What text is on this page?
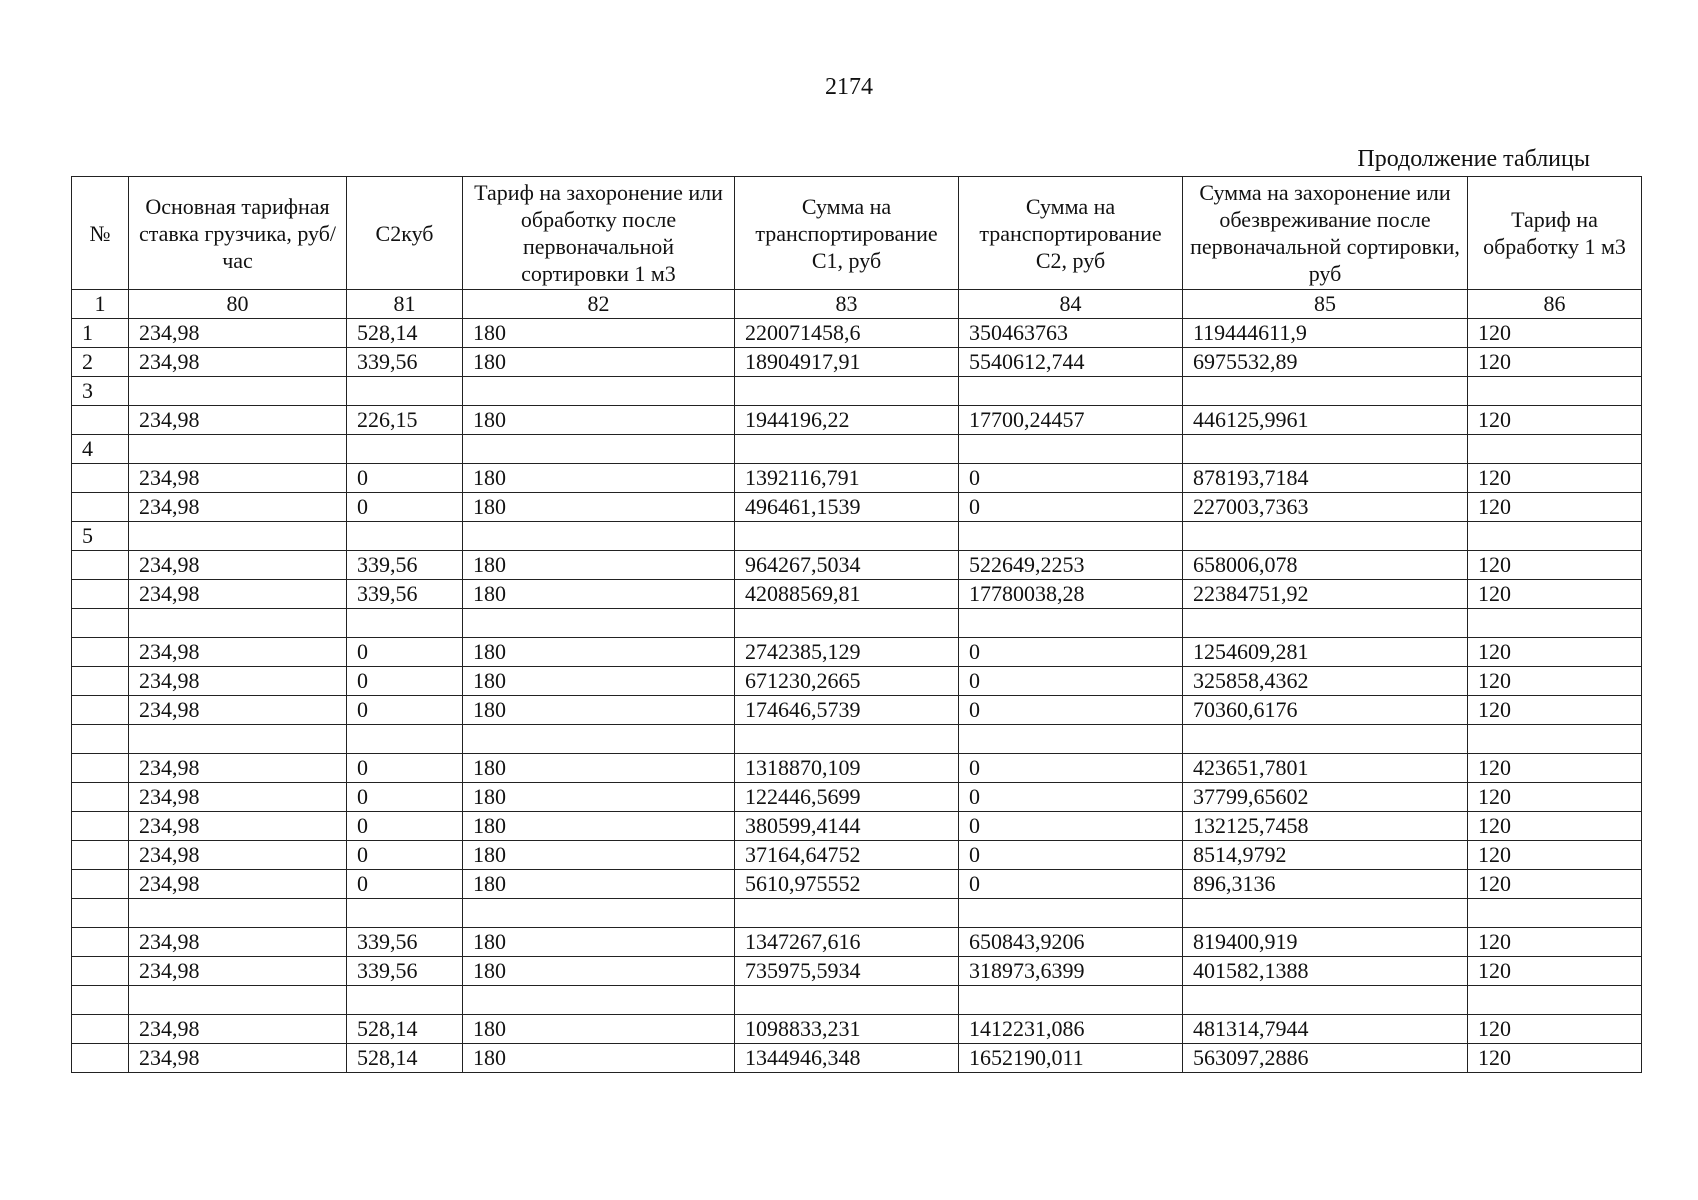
2174
Продолжение таблицы
№	Основная тарифная ставка грузчика, руб/час	С2куб	Тариф на захоронение или обработку после первоначальной сортировки 1 м3	Сумма на транспортирование С1, руб	Сумма на транспортирование С2, руб	Сумма на захоронение или обезвреживание после первоначальной сортировки, руб	Тариф на обработку 1 м3
1	80	81	82	83	84	85	86
1	234,98	528,14	180	220071458,6	350463763	119444611,9	120
2	234,98	339,56	180	18904917,91	5540612,744	6975532,89	120
3							
	234,98	226,15	180	1944196,22	17700,24457	446125,9961	120
4							
	234,98	0	180	1392116,791	0	878193,7184	120
	234,98	0	180	496461,1539	0	227003,7363	120
5							
	234,98	339,56	180	964267,5034	522649,2253	658006,078	120
	234,98	339,56	180	42088569,81	17780038,28	22384751,92	120

	234,98	0	180	2742385,129	0	1254609,281	120
	234,98	0	180	671230,2665	0	325858,4362	120
	234,98	0	180	174646,5739	0	70360,6176	120

	234,98	0	180	1318870,109	0	423651,7801	120
	234,98	0	180	122446,5699	0	37799,65602	120
	234,98	0	180	380599,4144	0	132125,7458	120
	234,98	0	180	37164,64752	0	8514,9792	120
	234,98	0	180	5610,975552	0	896,3136	120

	234,98	339,56	180	1347267,616	650843,9206	819400,919	120
	234,98	339,56	180	735975,5934	318973,6399	401582,1388	120

	234,98	528,14	180	1098833,231	1412231,086	481314,7944	120
	234,98	528,14	180	1344946,348	1652190,011	563097,2886	120
